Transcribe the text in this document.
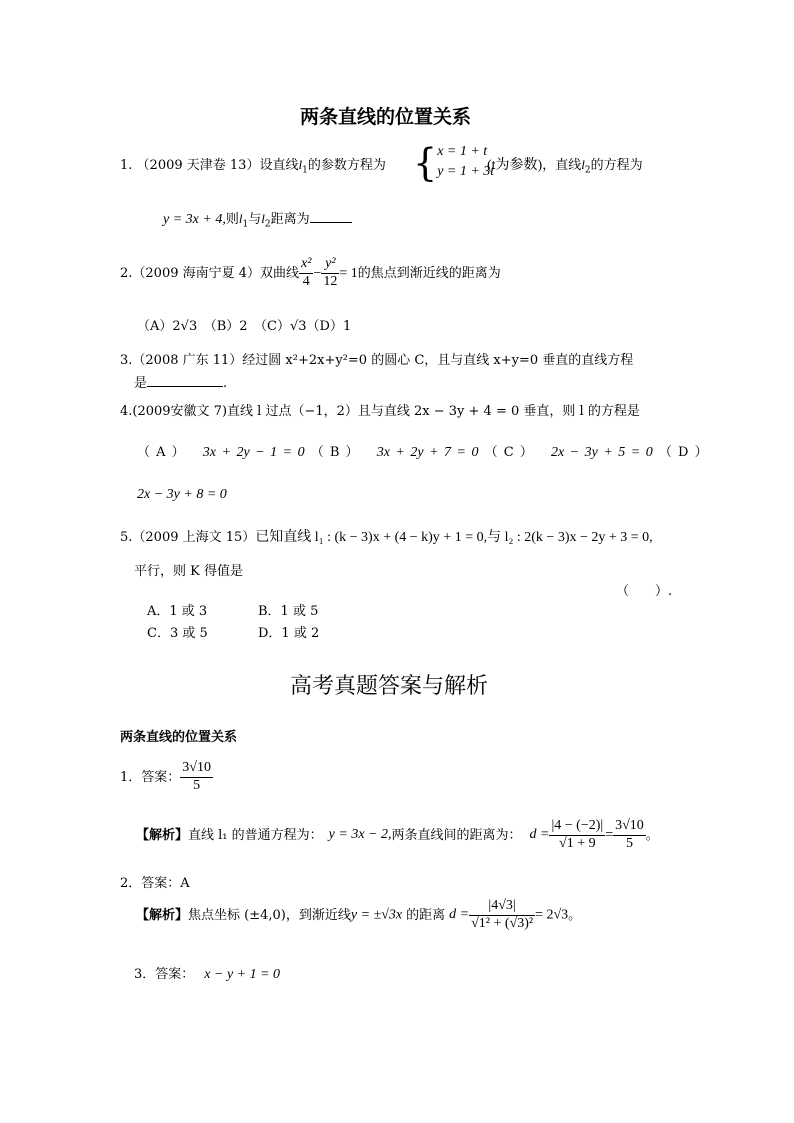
两条直线的位置关系
1. （2009 天津卷 13）设直线$l_1$的参数方程为 { x = 1 + t
y = 1 + 3t
(t为参数)，直线$l_2$的方程为
y = 3x + 4,则$l_1$与$l_2$距离为
2.（2009 海南宁夏 4）双曲线 $\frac{\text{x²}}{4} - \frac{\text{y²}}{12} = 1$的焦点到渐近线的距离为
（A）2√3　（B）2　（C）√3（D）1
3.（2008 广东 11）经过圆 x²+2x+y²=0 的圆心 C，且与直线 x+y=0 垂直的直线方程
是	.
4.(2009安徽文 7)直线 l 过点（−1，2）且与直线 2x − 3y + 4 = 0 垂直，则 l 的方程是
（ A ） 3x + 2y − 1 = 0 （ B ） 3x + 2y + 7 = 0 （ C ） 2x − 3y + 5 = 0 （ D ）
2x − 3y + 8 = 0
5.（2009 上海文 15）已知直线 l₁ : (k − 3)x + (4 − k)y + 1 = 0,与 l₂ : 2(k − 3)x − 2y + 3 = 0,
平行，则 K 得值是
（　　）.
A．1 或 3	B．1 或 5
C．3 或 5	D．1 或 2
高考真题答案与解析
两条直线的位置关系
1．答案： $\frac{3√10}{5}$
【解析】直线 l₁ 的普通方程为： y = 3x − 2,两条直线间的距离为： $d = \frac{|4 - (-2)|}{√1 + 9} = \frac{3√10}{5}$ 。
2．答案：A
【解析】焦点坐标 (±4,0)，到渐近线y = ±√3x 的距离 $d = \frac{|4√3|}{\text{√1² + (√3)²}} = 2√3$。
3．答案： x − y + 1 = 0
